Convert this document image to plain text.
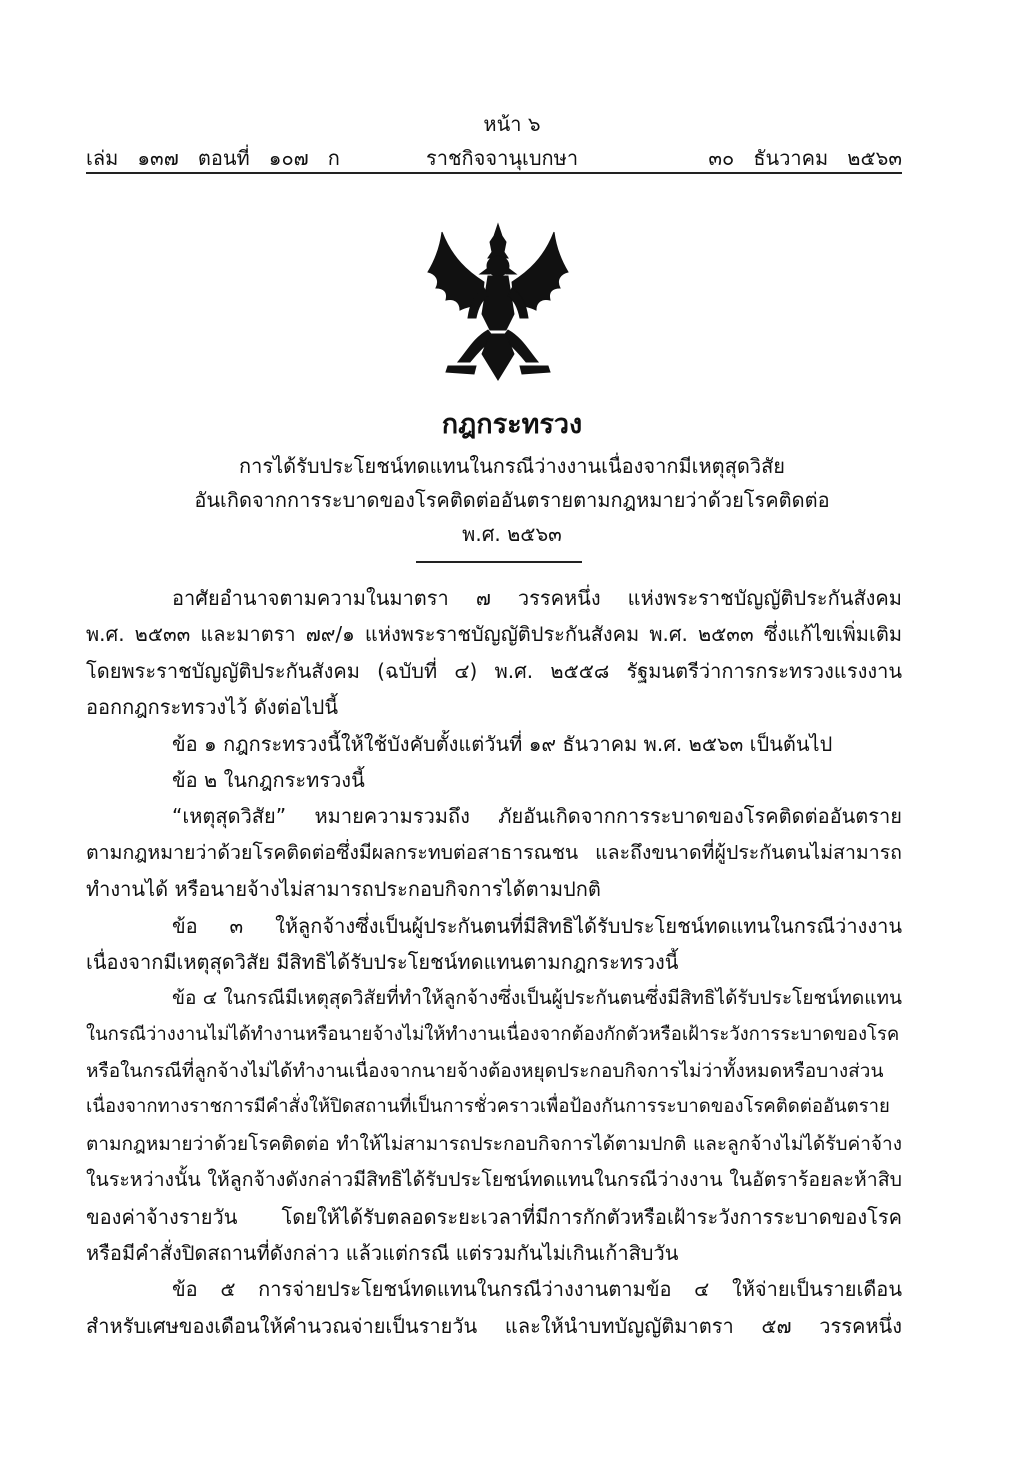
หน้า ๖
เล่ม   ๑๓๗   ตอนที่   ๑๐๗   ก	ราชกิจจานุเบกษา	๓๐   ธันวาคม   ๒๕๖๓
กฎกระทรวง
การได้รับประโยชน์ทดแทนในกรณีว่างงานเนื่องจากมีเหตุสุดวิสัย
อันเกิดจากการระบาดของโรคติดต่ออันตรายตามกฎหมายว่าด้วยโรคติดต่อ
พ.ศ. ๒๕๖๓
อาศัยอำนาจตามความในมาตรา ๗ วรรคหนึ่ง แห่งพระราชบัญญัติประกันสังคม
พ.ศ. ๒๕๓๓ และมาตรา ๗๙/๑ แห่งพระราชบัญญัติประกันสังคม พ.ศ. ๒๕๓๓ ซึ่งแก้ไขเพิ่มเติม
โดยพระราชบัญญัติประกันสังคม (ฉบับที่ ๔) พ.ศ. ๒๕๕๘ รัฐมนตรีว่าการกระทรวงแรงงาน
ออกกฎกระทรวงไว้ ดังต่อไปนี้
ข้อ ๑ กฎกระทรวงนี้ให้ใช้บังคับตั้งแต่วันที่ ๑๙ ธันวาคม พ.ศ. ๒๕๖๓ เป็นต้นไป
ข้อ ๒ ในกฎกระทรวงนี้
“เหตุสุดวิสัย” หมายความรวมถึง ภัยอันเกิดจากการระบาดของโรคติดต่ออันตราย
ตามกฎหมายว่าด้วยโรคติดต่อซึ่งมีผลกระทบต่อสาธารณชน และถึงขนาดที่ผู้ประกันตนไม่สามารถ
ทำงานได้ หรือนายจ้างไม่สามารถประกอบกิจการได้ตามปกติ
ข้อ ๓ ให้ลูกจ้างซึ่งเป็นผู้ประกันตนที่มีสิทธิได้รับประโยชน์ทดแทนในกรณีว่างงาน
เนื่องจากมีเหตุสุดวิสัย มีสิทธิได้รับประโยชน์ทดแทนตามกฎกระทรวงนี้
ข้อ ๔ ในกรณีมีเหตุสุดวิสัยที่ทำให้ลูกจ้างซึ่งเป็นผู้ประกันตนซึ่งมีสิทธิได้รับประโยชน์ทดแทน
ในกรณีว่างงานไม่ได้ทำงานหรือนายจ้างไม่ให้ทำงานเนื่องจากต้องกักตัวหรือเฝ้าระวังการระบาดของโรค
หรือในกรณีที่ลูกจ้างไม่ได้ทำงานเนื่องจากนายจ้างต้องหยุดประกอบกิจการไม่ว่าทั้งหมดหรือบางส่วน
เนื่องจากทางราชการมีคำสั่งให้ปิดสถานที่เป็นการชั่วคราวเพื่อป้องกันการระบาดของโรคติดต่ออันตราย
ตามกฎหมายว่าด้วยโรคติดต่อ ทำให้ไม่สามารถประกอบกิจการได้ตามปกติ และลูกจ้างไม่ได้รับค่าจ้าง
ในระหว่างนั้น ให้ลูกจ้างดังกล่าวมีสิทธิได้รับประโยชน์ทดแทนในกรณีว่างงาน ในอัตราร้อยละห้าสิบ
ของค่าจ้างรายวัน โดยให้ได้รับตลอดระยะเวลาที่มีการกักตัวหรือเฝ้าระวังการระบาดของโรค
หรือมีคำสั่งปิดสถานที่ดังกล่าว แล้วแต่กรณี แต่รวมกันไม่เกินเก้าสิบวัน
ข้อ ๕ การจ่ายประโยชน์ทดแทนในกรณีว่างงานตามข้อ ๔ ให้จ่ายเป็นรายเดือน
สำหรับเศษของเดือนให้คำนวณจ่ายเป็นรายวัน และให้นำบทบัญญัติมาตรา ๕๗ วรรคหนึ่ง
